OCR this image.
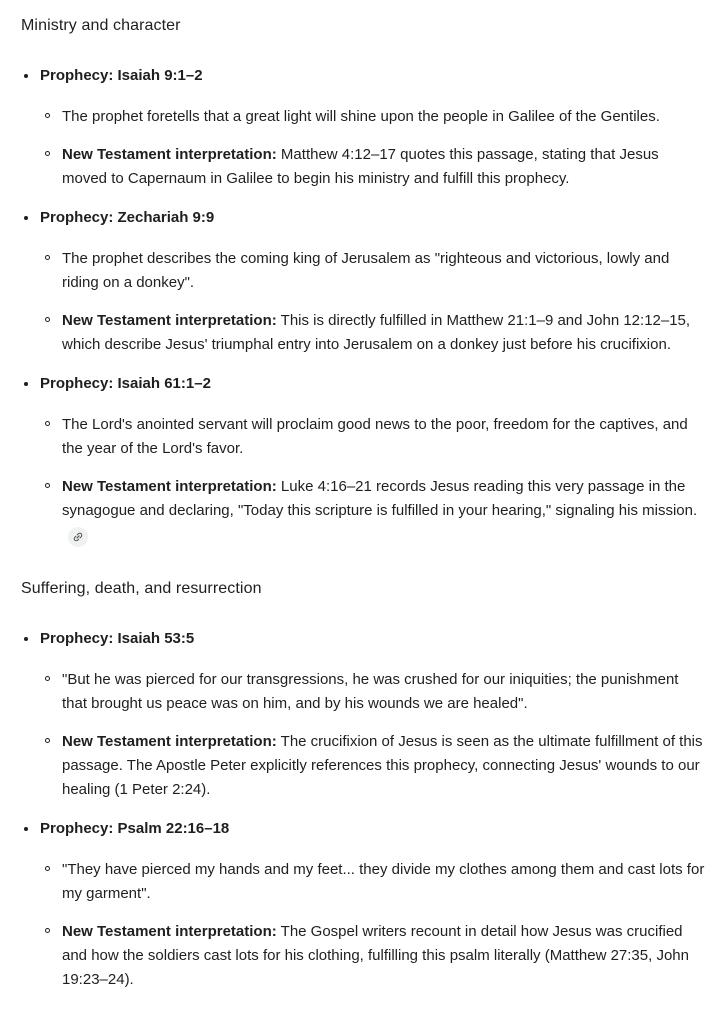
Ministry and character
Prophecy: Isaiah 9:1–2

The prophet foretells that a great light will shine upon the people in Galilee of the Gentiles.

New Testament interpretation: Matthew 4:12–17 quotes this passage, stating that Jesus moved to Capernaum in Galilee to begin his ministry and fulfill this prophecy.

Prophecy: Zechariah 9:9

The prophet describes the coming king of Jerusalem as "righteous and victorious, lowly and riding on a donkey".

New Testament interpretation: This is directly fulfilled in Matthew 21:1–9 and John 12:12–15, which describe Jesus' triumphal entry into Jerusalem on a donkey just before his crucifixion.

Prophecy: Isaiah 61:1–2

The Lord's anointed servant will proclaim good news to the poor, freedom for the captives, and the year of the Lord's favor.

New Testament interpretation: Luke 4:16–21 records Jesus reading this very passage in the synagogue and declaring, "Today this scripture is fulfilled in your hearing," signaling his mission.

Suffering, death, and resurrection
Prophecy: Isaiah 53:5

"But he was pierced for our transgressions, he was crushed for our iniquities; the punishment that brought us peace was on him, and by his wounds we are healed".

New Testament interpretation: The crucifixion of Jesus is seen as the ultimate fulfillment of this passage. The Apostle Peter explicitly references this prophecy, connecting Jesus' wounds to our healing (1 Peter 2:24).

Prophecy: Psalm 22:16–18

"They have pierced my hands and my feet... they divide my clothes among them and cast lots for my garment".

New Testament interpretation: The Gospel writers recount in detail how Jesus was crucified and how the soldiers cast lots for his clothing, fulfilling this psalm literally (Matthew 27:35, John 19:23–24).
